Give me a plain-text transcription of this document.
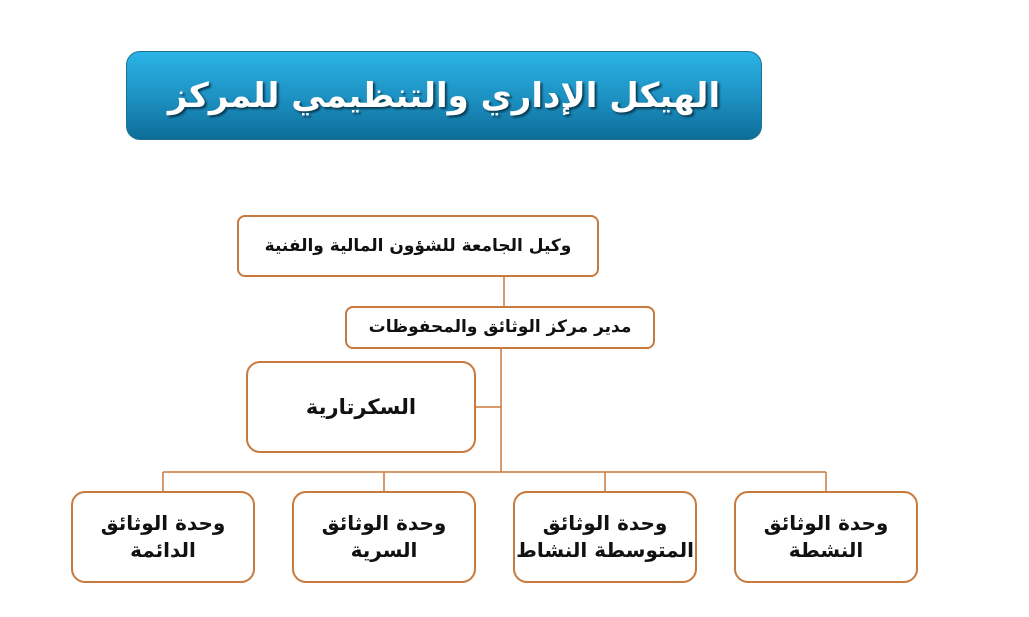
الهيكل الإداري والتنظيمي للمركز
وكيل الجامعة للشؤون المالية والفنية
مدير مركز الوثائق والمحفوظات
السكرتارية
وحدة الوثائق
النشطة
وحدة الوثائق
المتوسطة النشاط
وحدة الوثائق
السرية
وحدة الوثائق
الدائمة
